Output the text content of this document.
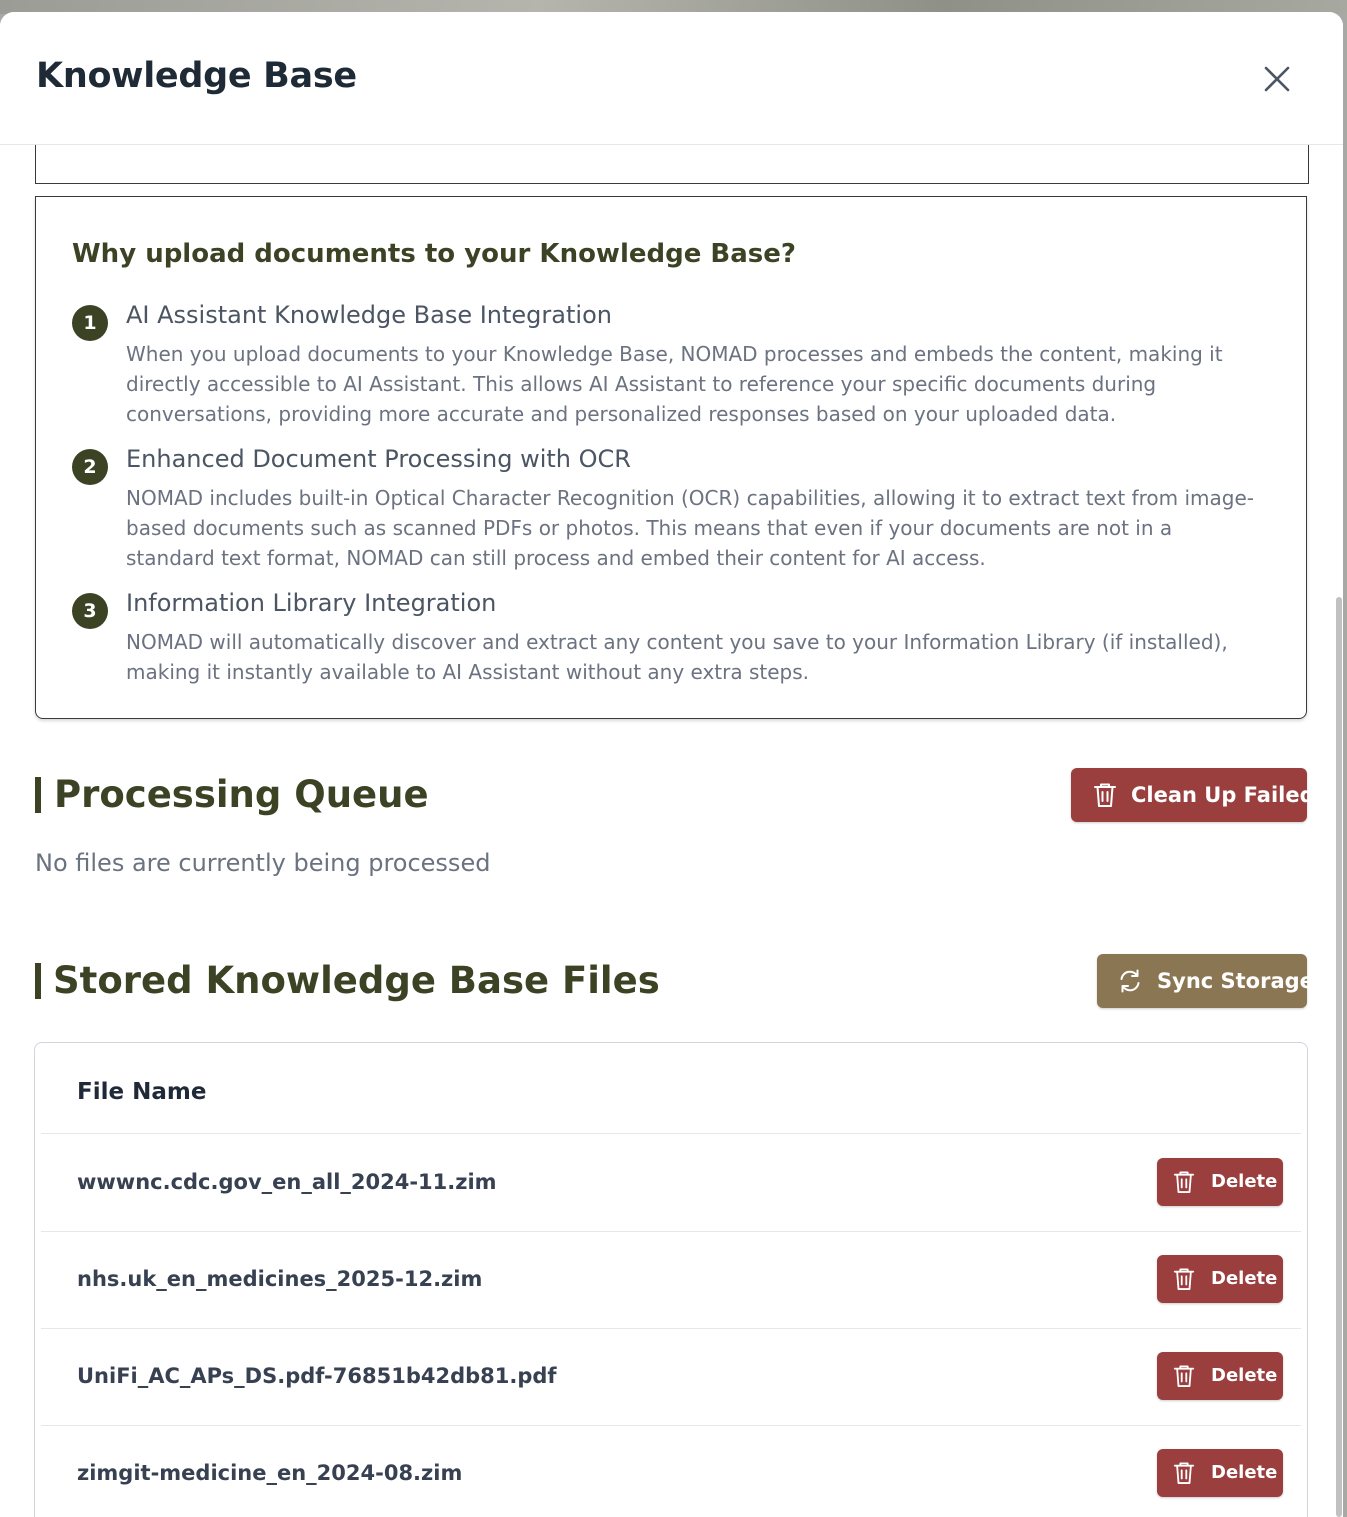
Knowledge Base
Why upload documents to your Knowledge Base?
1	AI Assistant Knowledge Base Integration
When you upload documents to your Knowledge Base, NOMAD processes and embeds the content, making it directly accessible to AI Assistant. This allows AI Assistant to reference your specific documents during conversations, providing more accurate and personalized responses based on your uploaded data.
2	Enhanced Document Processing with OCR
NOMAD includes built-in Optical Character Recognition (OCR) capabilities, allowing it to extract text from image-based documents such as scanned PDFs or photos. This means that even if your documents are not in a standard text format, NOMAD can still process and embed their content for AI access.
3	Information Library Integration
NOMAD will automatically discover and extract any content you save to your Information Library (if installed), making it instantly available to AI Assistant without any extra steps.
Processing Queue	Clean Up Failed
No files are currently being processed
Stored Knowledge Base Files	Sync Storage
File Name
wwwnc.cdc.gov_en_all_2024-11.zim	Delete
nhs.uk_en_medicines_2025-12.zim	Delete
UniFi_AC_APs_DS.pdf-76851b42db81.pdf	Delete
zimgit-medicine_en_2024-08.zim	Delete
